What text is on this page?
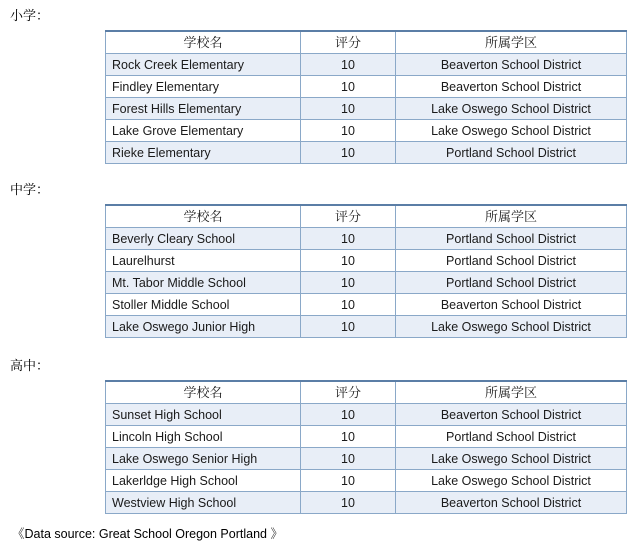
小学：
学校名	评分	所属学区
Rock Creek Elementary	10	Beaverton School District
Findley Elementary	10	Beaverton School District
Forest Hills Elementary	10	Lake Oswego School District
Lake Grove Elementary	10	Lake Oswego School District
Rieke Elementary	10	Portland School District
中学：
学校名	评分	所属学区
Beverly Cleary School	10	Portland School District
Laurelhurst	10	Portland School District
Mt. Tabor Middle School	10	Portland School District
Stoller Middle School	10	Beaverton School District
Lake Oswego Junior High	10	Lake Oswego School District
高中：
学校名	评分	所属学区
Sunset High School	10	Beaverton School District
Lincoln High School	10	Portland School District
Lake Oswego Senior High	10	Lake Oswego School District
Lakerldge High School	10	Lake Oswego School District
Westview High School	10	Beaverton School District
《Data source: Great School Oregon Portland 》
